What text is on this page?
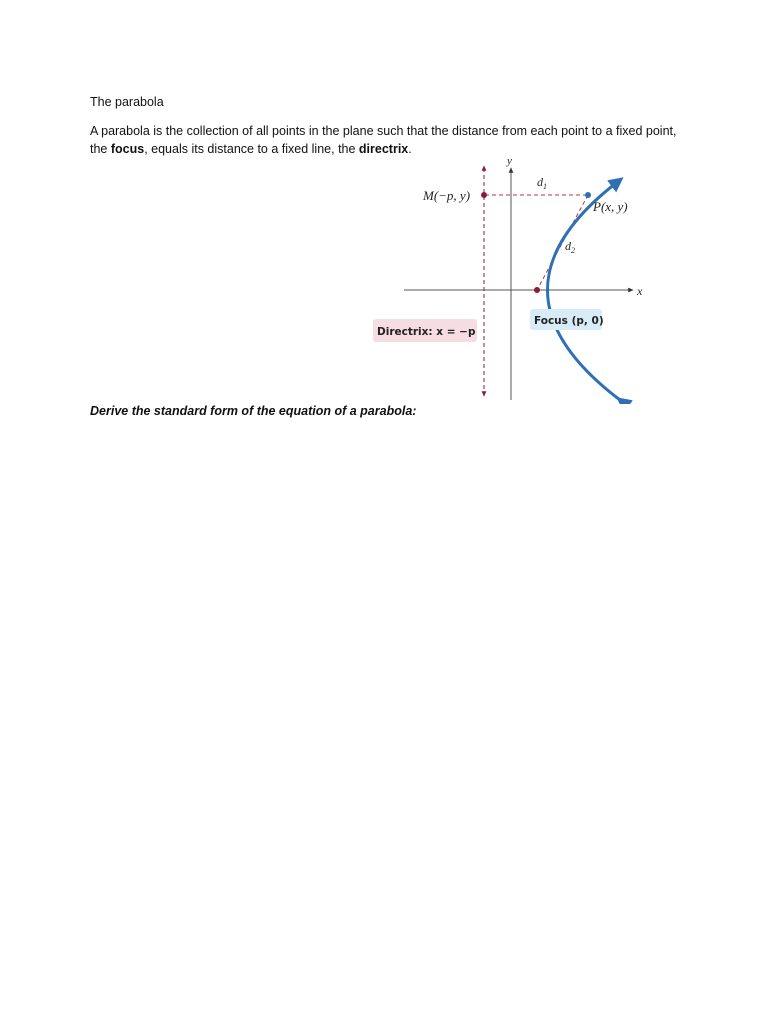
The parabola
A parabola is the collection of all points in the plane such that the distance from each point to a fixed point, the focus, equals its distance to a fixed line, the directrix.
x
y
M(−p, y)
P(x, y)
$d_1$
$d_2$
Focus (p, 0)
Directrix: x = −p
Derive the standard form of the equation of a parabola:
